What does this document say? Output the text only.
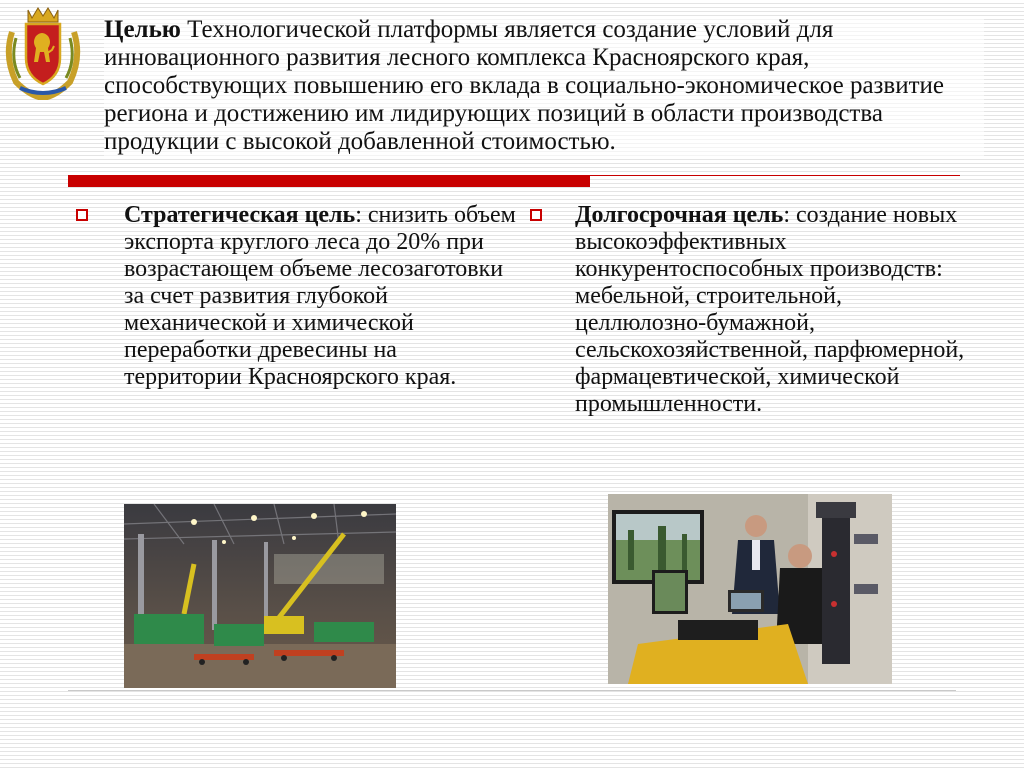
Целью Технологической платформы является создание условий для инновационного развития лесного комплекса Красноярского края, способствующих повышению его вклада в социально-экономическое развитие региона и достижению им лидирующих позиций в области производства продукции с высокой добавленной стоимостью.
Стратегическая цель: снизить объем экспорта круглого леса до 20% при возрастающем объеме лесозаготовки за счет развития глубокой механической и химической переработки древесины на территории Красноярского края.
Долгосрочная цель: создание новых высокоэффективных конкурентоспособных производств: мебельной, строительной, целлюлозно-бумажной, сельскохозяйственной, парфюмерной, фармацевтической, химической промышленности.
